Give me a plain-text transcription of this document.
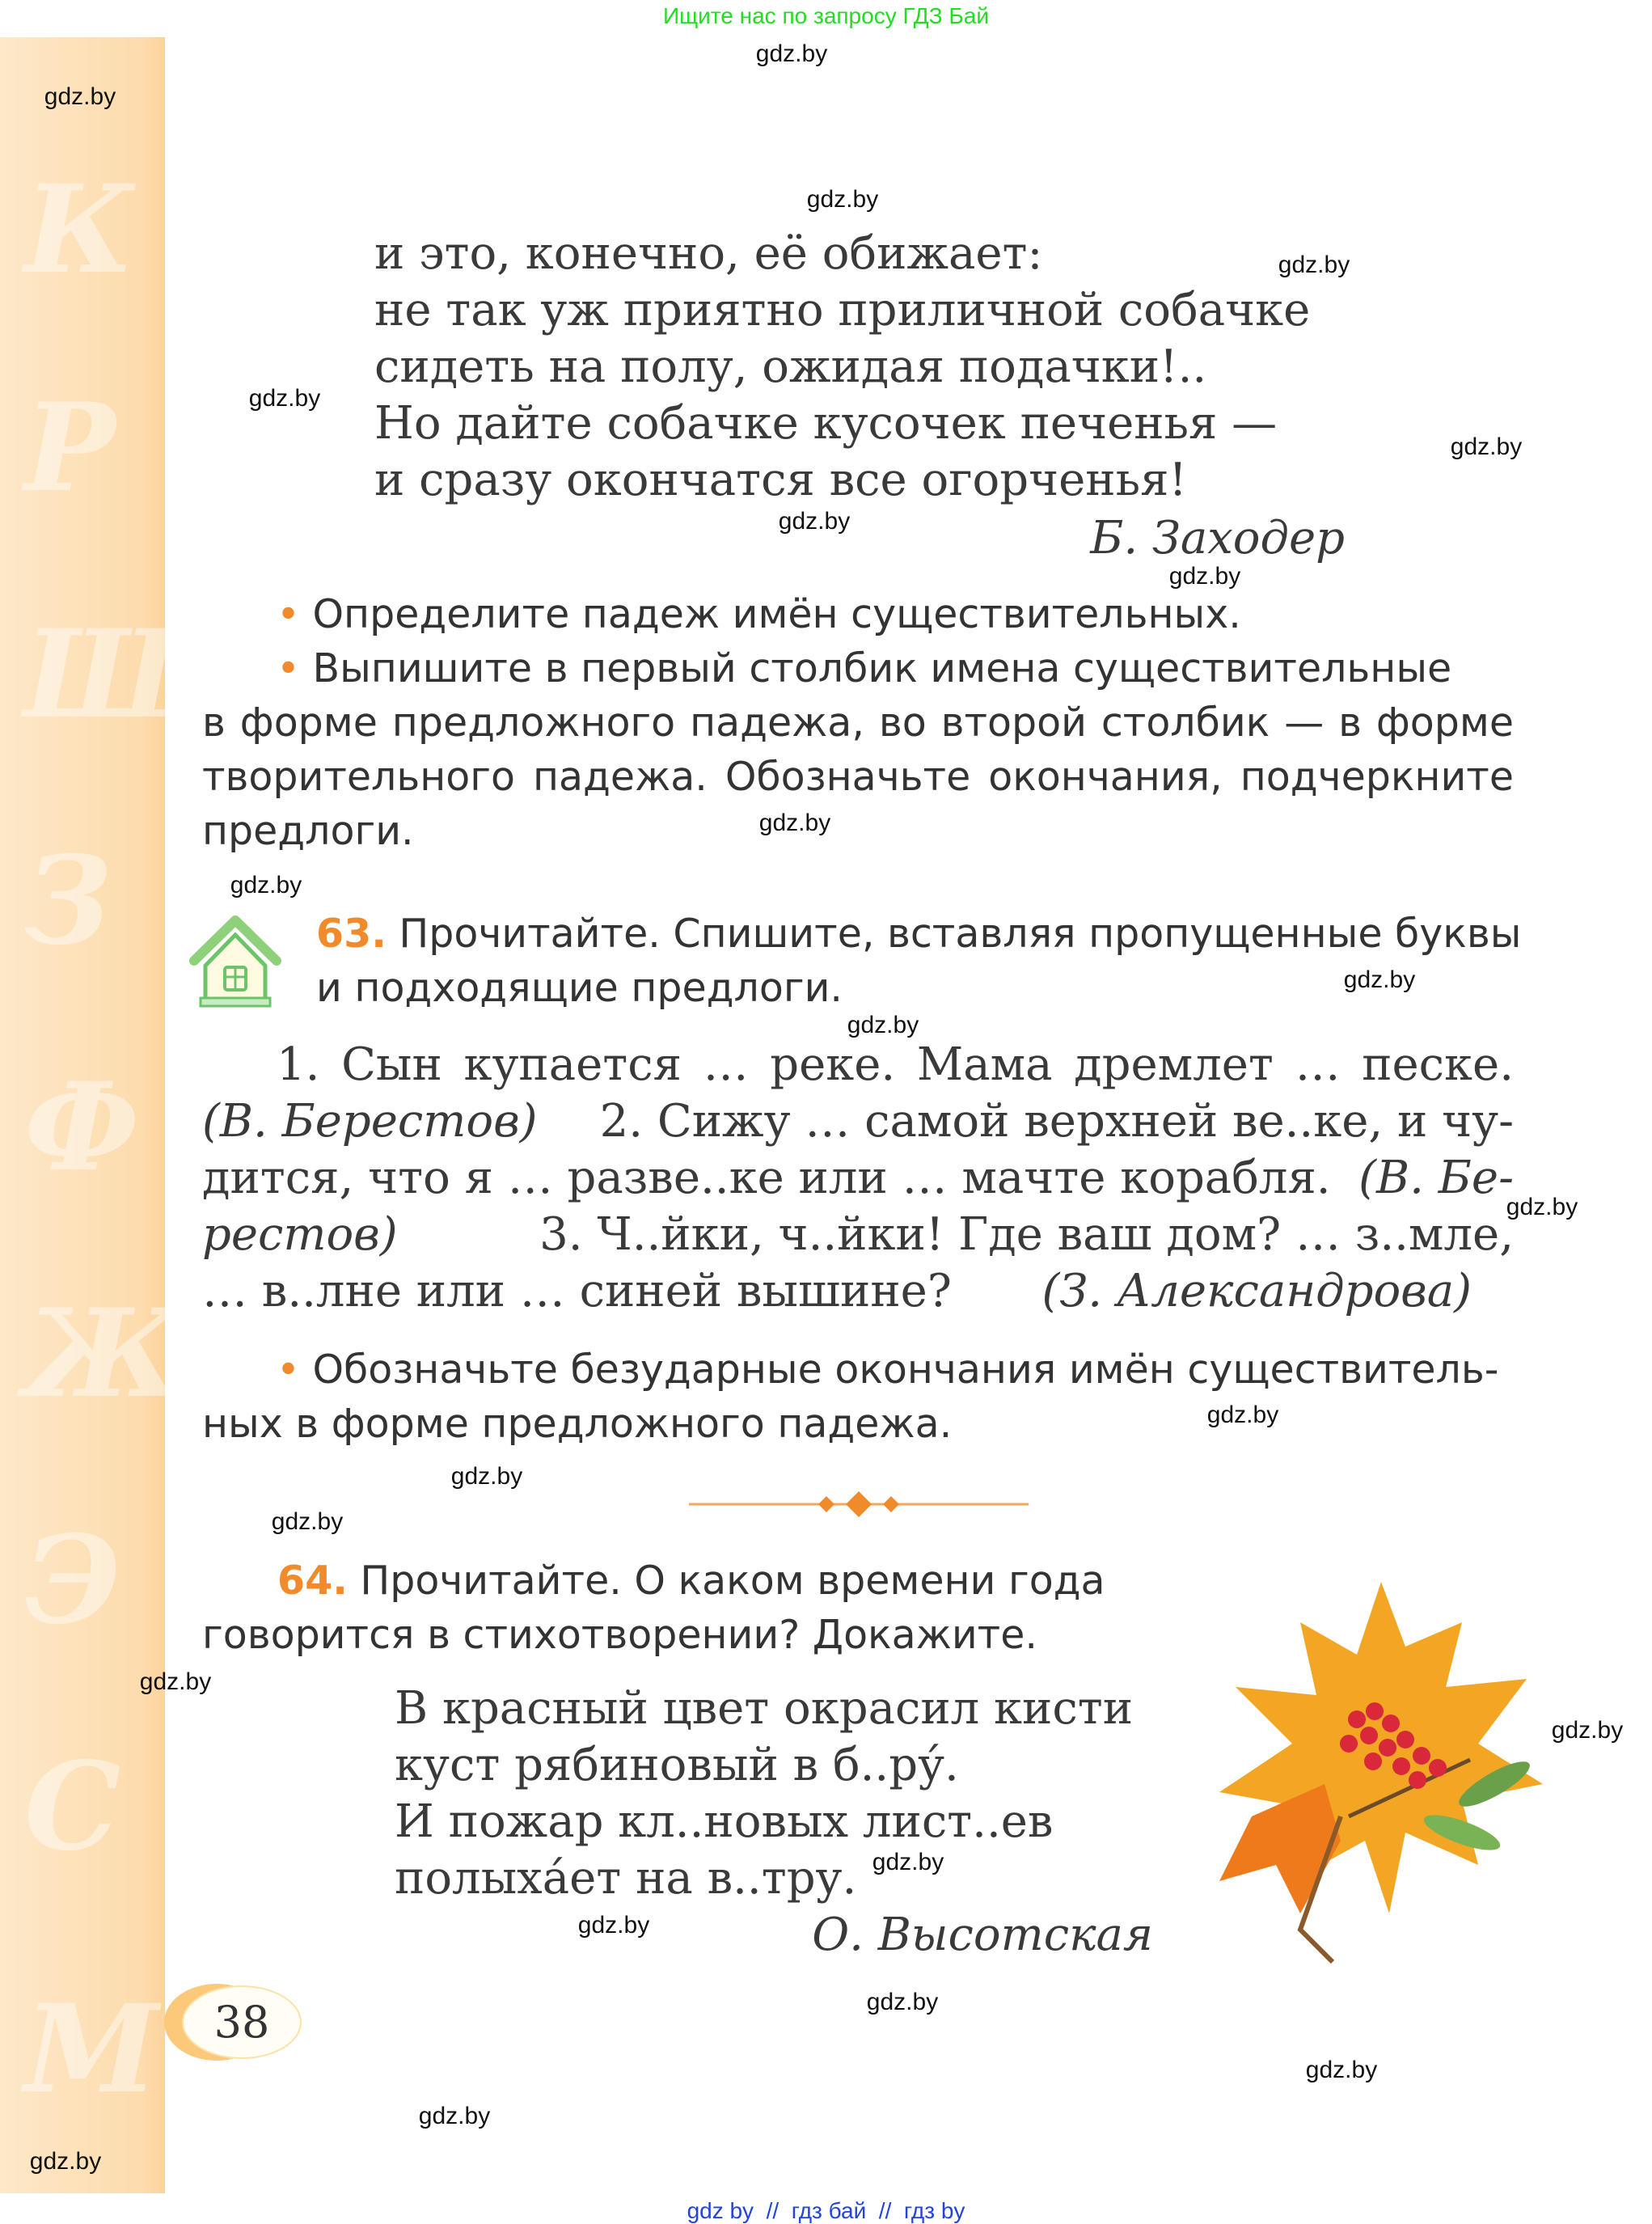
К
Р
Ш
З
Ф
Ж
Э
С
М
Ищите нас по запросу ГДЗ Бай
gdz.by
gdz.by
gdz.by
gdz.by
gdz.by
gdz.by
gdz.by
gdz.by
gdz.by
gdz.by
gdz.by
gdz.by
gdz.by
gdz.by
gdz.by
gdz.by
gdz.by
gdz.by
gdz.by
gdz.by
gdz.by
gdz.by
gdz.by
gdz.by
и это, конечно, её обижает:
не так уж приятно приличной собачке
сидеть на полу, ожидая подачки!..
Но дайте собачке кусочек печенья —
и сразу окончатся все огорченья!
Б. Заходер
• Определите падеж имён существительных.
• Выпишите в первый столбик имена существительные
в форме предложного падежа, во второй столбик — в форме
творительного падежа. Обозначьте окончания, подчеркните
предлоги.
63. Прочитайте. Спишите, вставляя пропущенные буквы
и подходящие предлоги.
1. Сын купается … реке. Мама дремлет … песке.
(В. Берестов) 2. Сижу … самой верхней ве..ке, и чу-
дится, что я … разве..ке или … мачте корабля. (В. Бе-
рестов)	3. Ч..йки, ч..йки! Где ваш дом? … з..мле,
… в..лне или … синей вышине? (З. Александрова)
• Обозначьте безударные окончания имён существитель-
ных в форме предложного падежа.
64. Прочитайте. О каком времени года
говорится в стихотворении? Докажите.
В красный цвет окрасил кисти
куст рябиновый в б..ру́.
И пожар кл..новых лист..ев
полыха́ет на в..тру.
О. Высотская
38
gdz by  //  гдз бай  //  гдз by
